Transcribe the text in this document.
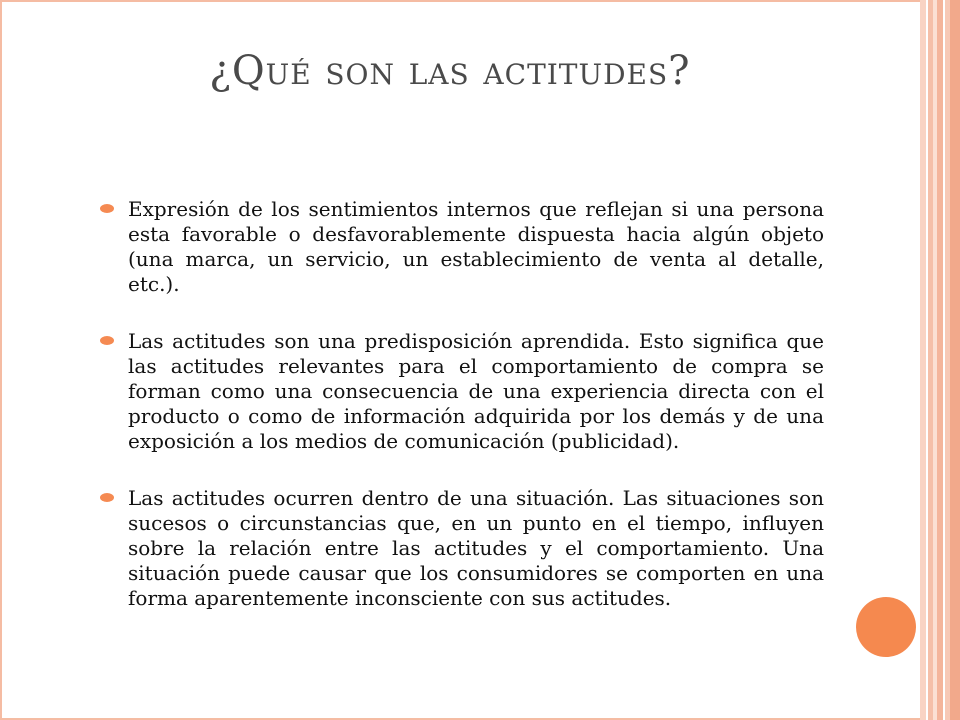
¿Qué son las actitudes?
Expresión de los sentimientos internos que reflejan si una persona esta favorable o desfavorablemente dispuesta hacia algún objeto (una marca, un servicio, un establecimiento de venta al detalle, etc.).
Las actitudes son una predisposición aprendida. Esto significa que las actitudes relevantes para el comportamiento de compra se forman como una consecuencia de una experiencia directa con el producto o como de información adquirida por los demás y de una exposición a los medios de comunicación (publicidad).
Las actitudes ocurren dentro de una situación. Las situaciones son sucesos o circunstancias que, en un punto en el tiempo, influyen sobre la relación entre las actitudes y el comportamiento. Una situación puede causar que los consumidores se comporten en una forma aparentemente inconsciente con sus actitudes.
